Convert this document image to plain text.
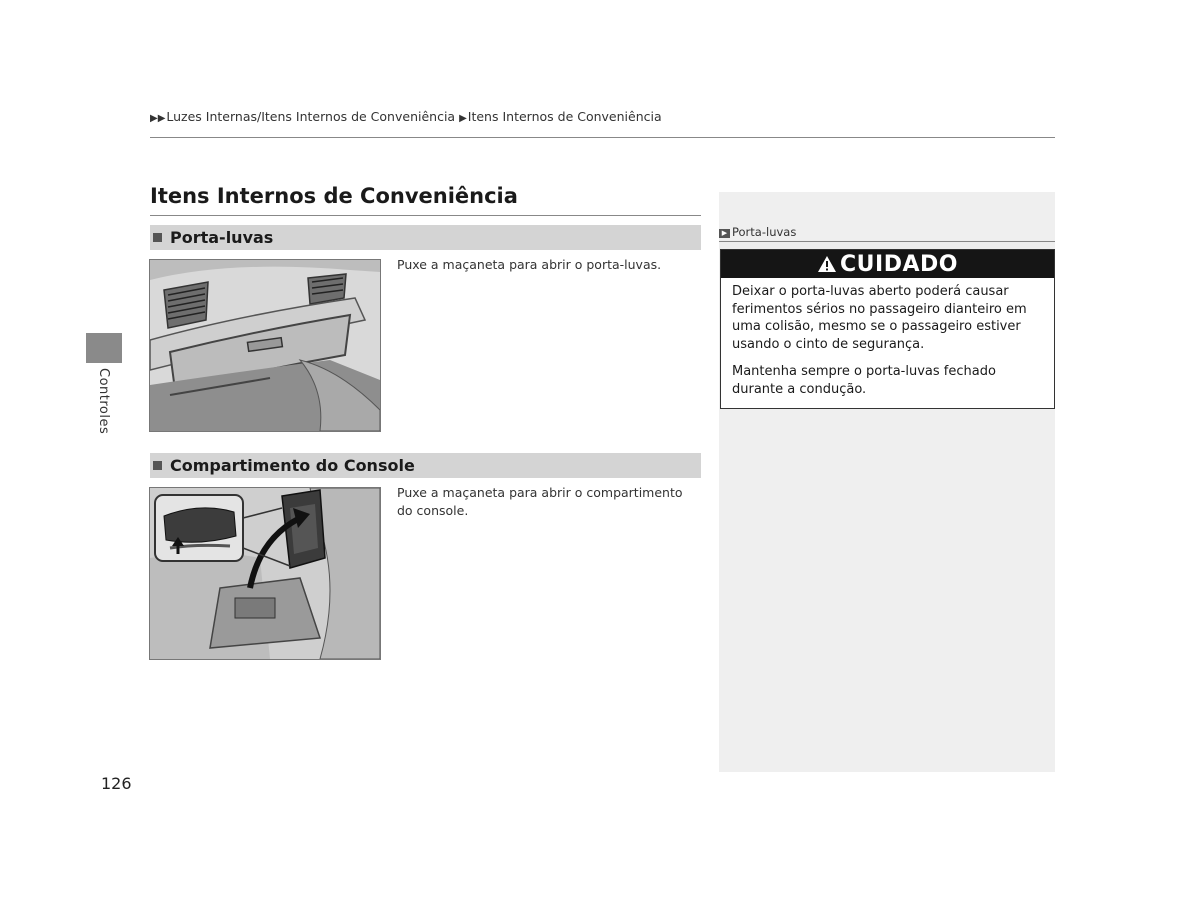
▶▶Luzes Internas/Itens Internos de Conveniência ▶Itens Internos de Conveniência
Controles
Itens Internos de Conveniência
Porta-luvas
Puxe a maçaneta para abrir o porta-luvas.
Compartimento do Console
Puxe a maçaneta para abrir o compartimento do console.
▶ Porta-luvas
CUIDADO

Deixar o porta-luvas aberto poderá causar ferimentos sérios no passageiro dianteiro em uma colisão, mesmo se o passageiro estiver usando o cinto de segurança.

Mantenha sempre o porta-luvas fechado durante a condução.

126
